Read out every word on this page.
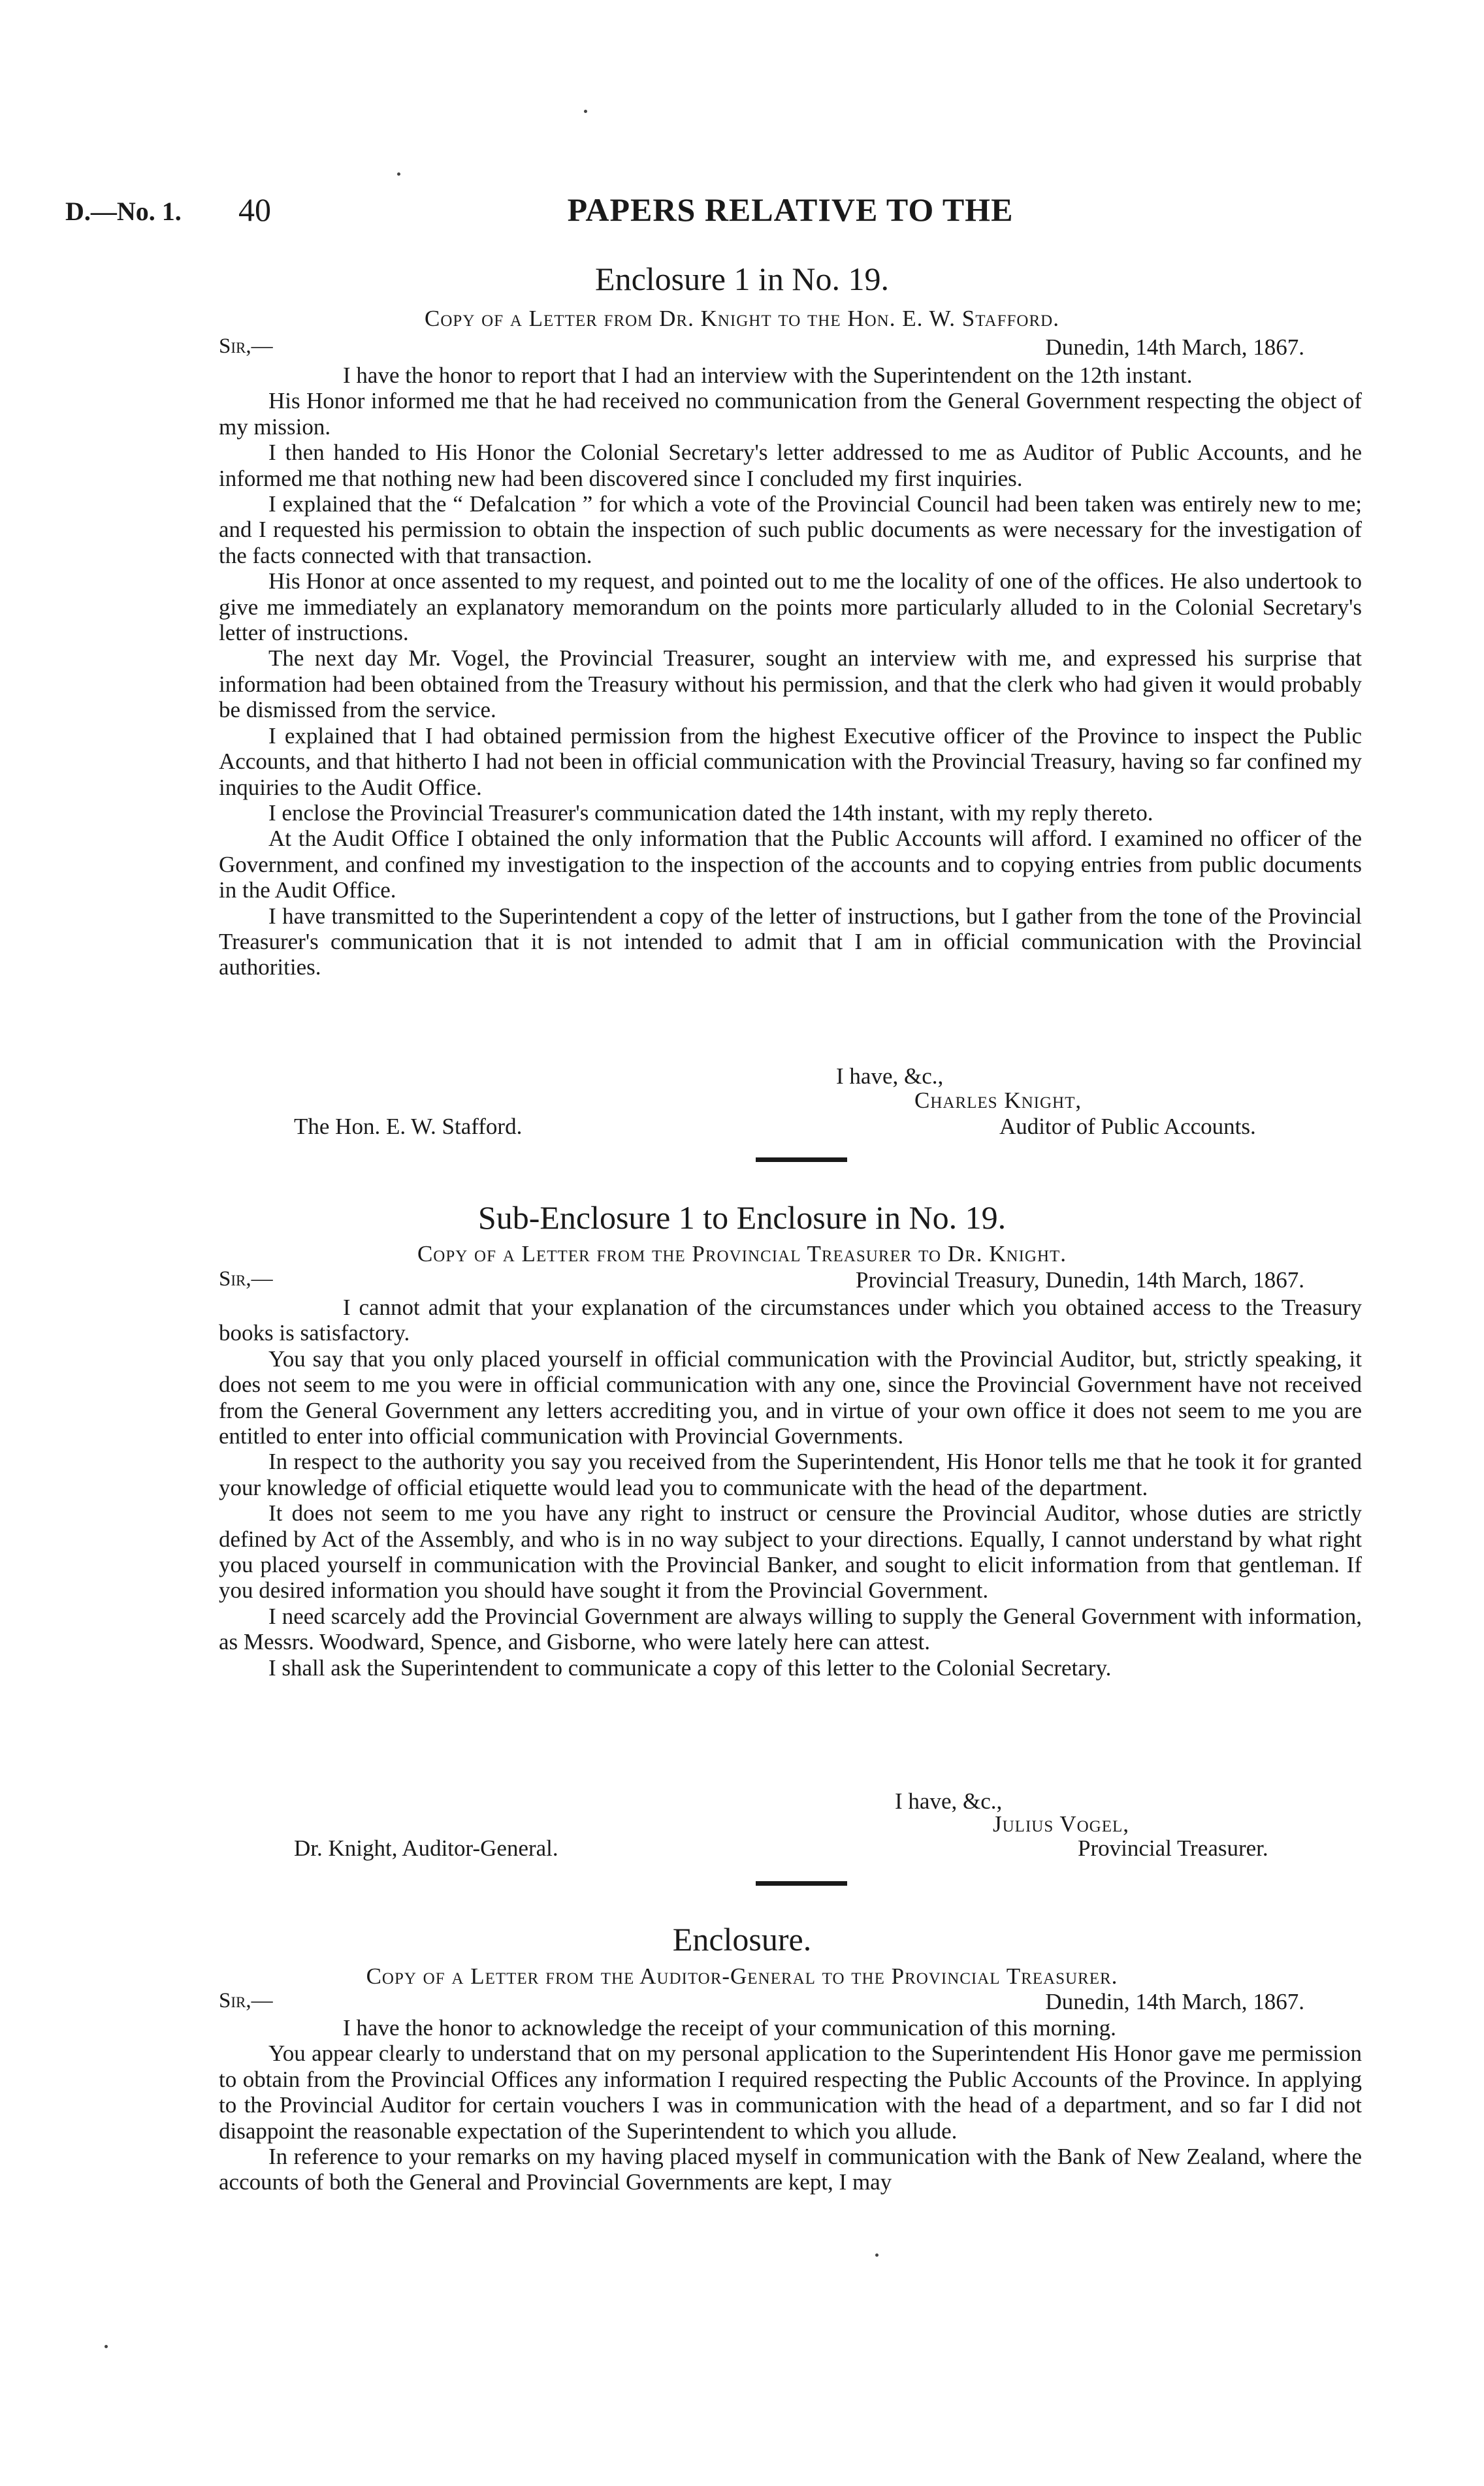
D.—No. 1. 40	PAPERS RELATIVE TO THE
Enclosure 1 in No. 19.
Copy of a Letter from Dr. Knight to the Hon. E. W. Stafford.
Sir,—	Dunedin, 14th March, 1867.

I have the honor to report that I had an interview with the Superintendent on the 12th instant.

His Honor informed me that he had received no communication from the General Government respecting the object of my mission.

I then handed to His Honor the Colonial Secretary's letter addressed to me as Auditor of Public Accounts, and he informed me that nothing new had been discovered since I concluded my first inquiries.

I explained that the “ Defalcation ” for which a vote of the Provincial Council had been taken was entirely new to me; and I requested his permission to obtain the inspection of such public documents as were necessary for the investigation of the facts connected with that transaction.

His Honor at once assented to my request, and pointed out to me the locality of one of the offices. He also undertook to give me immediately an explanatory memorandum on the points more particularly alluded to in the Colonial Secretary's letter of instructions.

The next day Mr. Vogel, the Provincial Treasurer, sought an interview with me, and expressed his surprise that information had been obtained from the Treasury without his permission, and that the clerk who had given it would probably be dismissed from the service.

I explained that I had obtained permission from the highest Executive officer of the Province to inspect the Public Accounts, and that hitherto I had not been in official communication with the Provincial Treasury, having so far confined my inquiries to the Audit Office.

I enclose the Provincial Treasurer's communication dated the 14th instant, with my reply thereto.

At the Audit Office I obtained the only information that the Public Accounts will afford. I examined no officer of the Government, and confined my investigation to the inspection of the accounts and to copying entries from public documents in the Audit Office.

I have transmitted to the Superintendent a copy of the letter of instructions, but I gather from the tone of the Provincial Treasurer's communication that it is not intended to admit that I am in official communication with the Provincial authorities.

I have, &c.,
Charles Knight,
The Hon. E. W. Stafford.	Auditor of Public Accounts.
Sub-Enclosure 1 to Enclosure in No. 19.
Copy of a Letter from the Provincial Treasurer to Dr. Knight.
Sir,—	Provincial Treasury, Dunedin, 14th March, 1867.

I cannot admit that your explanation of the circumstances under which you obtained access to the Treasury books is satisfactory.

You say that you only placed yourself in official communication with the Provincial Auditor, but, strictly speaking, it does not seem to me you were in official communication with any one, since the Provincial Government have not received from the General Government any letters accrediting you, and in virtue of your own office it does not seem to me you are entitled to enter into official communication with Provincial Governments.

In respect to the authority you say you received from the Superintendent, His Honor tells me that he took it for granted your knowledge of official etiquette would lead you to communicate with the head of the department.

It does not seem to me you have any right to instruct or censure the Provincial Auditor, whose duties are strictly defined by Act of the Assembly, and who is in no way subject to your directions. Equally, I cannot understand by what right you placed yourself in communication with the Provincial Banker, and sought to elicit information from that gentleman. If you desired information you should have sought it from the Provincial Government.

I need scarcely add the Provincial Government are always willing to supply the General Government with information, as Messrs. Woodward, Spence, and Gisborne, who were lately here can attest.

I shall ask the Superintendent to communicate a copy of this letter to the Colonial Secretary.

I have, &c.,
Julius Vogel,
Dr. Knight, Auditor-General.	Provincial Treasurer.
Enclosure.
Copy of a Letter from the Auditor-General to the Provincial Treasurer.
Sir,—	Dunedin, 14th March, 1867.

I have the honor to acknowledge the receipt of your communication of this morning.

You appear clearly to understand that on my personal application to the Superintendent His Honor gave me permission to obtain from the Provincial Offices any information I required respecting the Public Accounts of the Province. In applying to the Provincial Auditor for certain vouchers I was in communication with the head of a department, and so far I did not disappoint the reasonable expectation of the Superintendent to which you allude.

In reference to your remarks on my having placed myself in communication with the Bank of New Zealand, where the accounts of both the General and Provincial Governments are kept, I may
